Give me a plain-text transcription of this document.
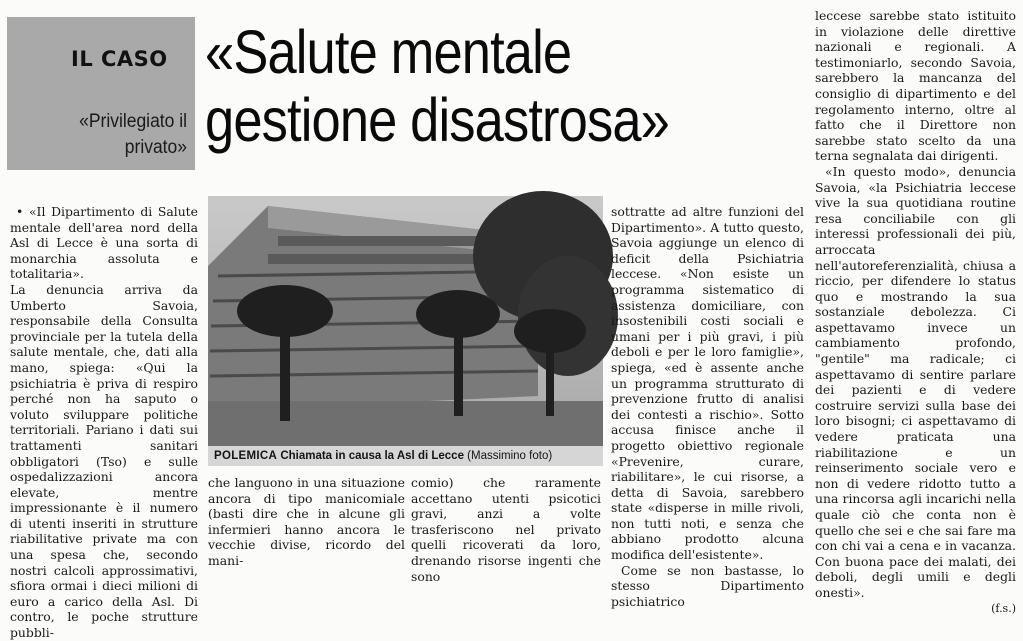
IL CASO
«Privilegiato il privato»
«Salute mentale
gestione disastrosa»

• «Il Dipartimento di Salute mentale dell'area nord della Asl di Lecce è una sorta di monarchia assoluta e totalitaria».

La denuncia arriva da Umberto Savoia, responsabile della Consulta provinciale per la tutela della salute mentale, che, dati alla mano, spiega: «Qui la psichiatria è priva di respiro perché non ha saputo o voluto sviluppare politiche territoriali. Pariano i dati sui trattamenti sanitari obbligatori (Tso) e sulle ospedalizzazioni ancora elevate, mentre impressionante è il numero di utenti inseriti in strutture riabilitative private ma con una spesa che, secondo nostri calcoli approssimativi, sfiora ormai i dieci milioni di euro a carico della Asl. Di contro, le poche strutture pubbli-

POLEMICA Chiamata in causa la Asl di Lecce (Massimino foto)

che languono in una situazione ancora di tipo manicomiale (basti dire che in alcune gli infermieri hanno ancora le vecchie divise, ricordo del mani-

comio) che raramente accettano utenti psicotici gravi, anzi a volte trasferiscono nel privato quelli ricoverati da loro, drenando risorse ingenti che sono

sottratte ad altre funzioni del Dipartimento». A tutto questo, Savoia aggiunge un elenco di deficit della Psichiatria leccese. «Non esiste un programma sistematico di assistenza domiciliare, con insostenibili costi sociali e umani per i più gravi, i più deboli e per le loro famiglie», spiega, «ed è assente anche un programma strutturato di prevenzione frutto di analisi dei contesti a rischio». Sotto accusa finisce anche il progetto obiettivo regionale «Prevenire, curare, riabilitare», le cui risorse, a detta di Savoia, sarebbero state «disperse in mille rivoli, non tutti noti, e senza che abbiano prodotto alcuna modifica dell'esistente».

Come se non bastasse, lo stesso Dipartimento psichiatrico

leccese sarebbe stato istituito in violazione delle direttive nazionali e regionali. A testimoniarlo, secondo Savoia, sarebbero la mancanza del consiglio di dipartimento e del regolamento interno, oltre al fatto che il Direttore non sarebbe stato scelto da una terna segnalata dai dirigenti.

«In questo modo», denuncia Savoia, «la Psichiatria leccese vive la sua quotidiana routine resa conciliabile con gli interessi professionali dei più, arroccata nell'autoreferenzialità, chiusa a riccio, per difendere lo status quo e mostrando la sua sostanziale debolezza. Ci aspettavamo invece un cambiamento profondo, "gentile" ma radicale; ci aspettavamo di sentire parlare dei pazienti e di vedere costruire servizi sulla base dei loro bisogni; ci aspettavamo di vedere praticata una riabilitazione e un reinserimento sociale vero e non di vedere ridotto tutto a una rincorsa agli incarichi nella quale ciò che conta non è quello che sei e che sai fare ma con chi vai a cena e in vacanza. Con buona pace dei malati, dei deboli, degli umili e degli onesti».

(f.s.)
